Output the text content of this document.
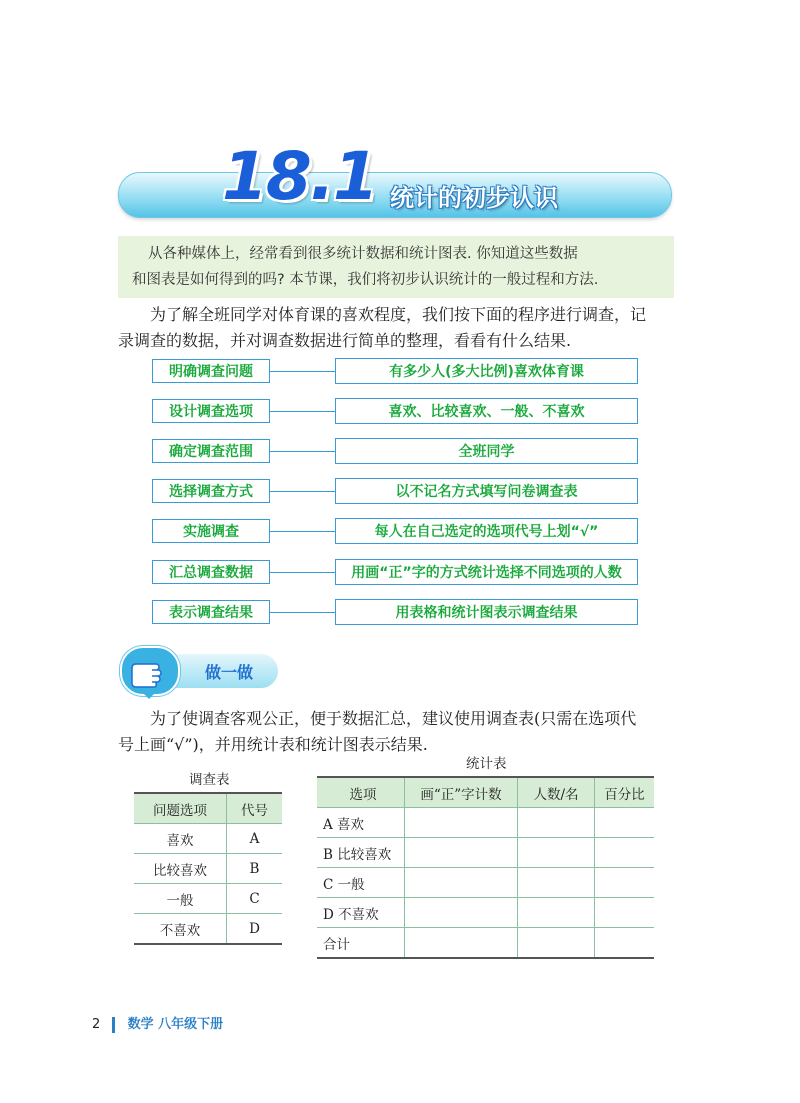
18.1 统计的初步认识

从各种媒体上，经常看到很多统计数据和统计图表. 你知道这些数据

和图表是如何得到的吗? 本节课，我们将初步认识统计的一般过程和方法.

为了解全班同学对体育课的喜欢程度，我们按下面的程序进行调查，记
录调查的数据，并对调查数据进行简单的整理，看看有什么结果.
明确调查问题	有多少人(多大比例)喜欢体育课
设计调查选项	喜欢、比较喜欢、一般、不喜欢
确定调查范围	全班同学
选择调查方式	以不记名方式填写问卷调查表
实施调查	每人在自己选定的选项代号上划“√”
汇总调查数据	用画“正”字的方式统计选择不同选项的人数
表示调查结果	用表格和统计图表示调查结果
做一做
为了使调查客观公正，便于数据汇总，建议使用调查表(只需在选项代
号上画“√”)，并用统计表和统计图表示结果.
调查表
问题选项	代号
喜欢	A
比较喜欢	B
一般	C
不喜欢	D
统计表
选项	画“正”字计数	人数/名	百分比
A 喜欢			
B 比较喜欢			
C 一般			
D 不喜欢			
合计			
2 数学 八年级下册
